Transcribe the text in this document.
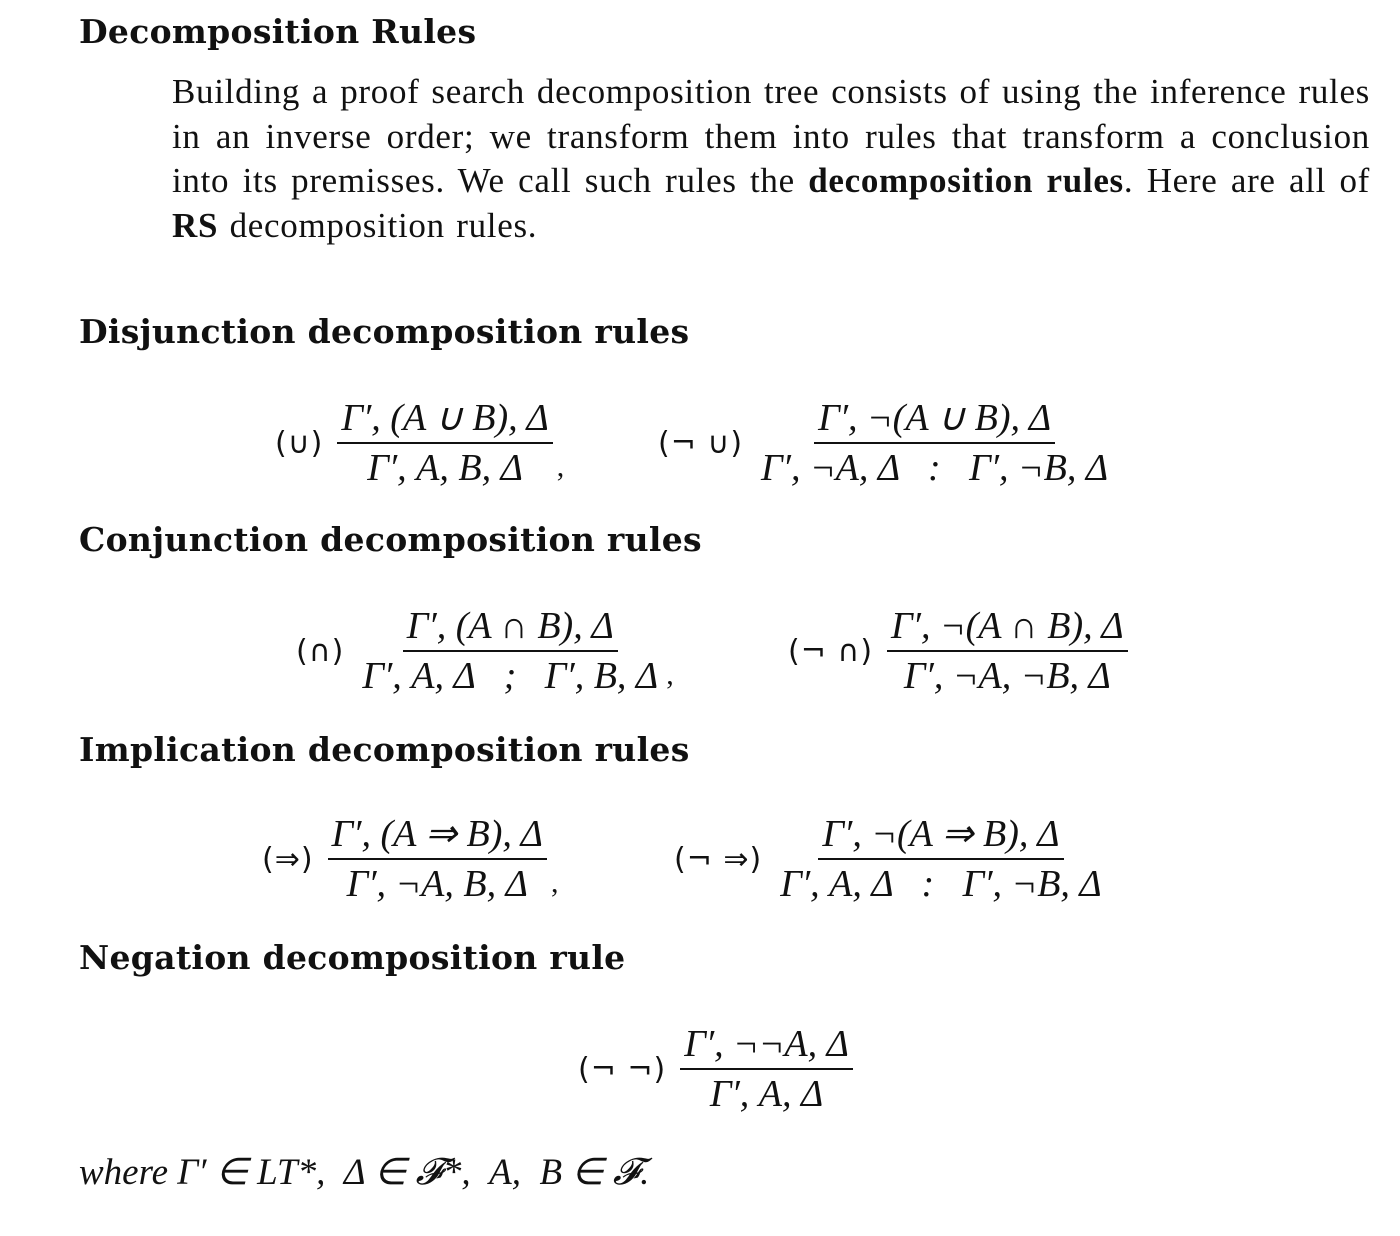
Decomposition Rules

Building a proof search decomposition tree consists of using the inference rules in an inverse order; we transform them into rules that transform a conclusion into its premisses. We call such rules the decomposition rules. Here are all of RS decomposition rules.

Disjunction decomposition rules
(∪) $\frac{\Gamma', (A \cup B), \Delta}{\Gamma', A, B, \Delta}$ ,
(¬ ∪) $\frac{\Gamma', \neg(A \cup B), \Delta}{\Gamma', \neg A, \Delta : \Gamma', \neg B, \Delta}$
Conjunction decomposition rules
(∩) $\frac{\Gamma', (A \cap B), \Delta}{\Gamma', A, \Delta ; \Gamma', B, \Delta}$ ,
(¬ ∩) $\frac{\Gamma', \neg(A \cap B), \Delta}{\Gamma', \neg A, \neg B, \Delta}$
Implication decomposition rules
(⇒) $\frac{\Gamma', (A \Rightarrow B), \Delta}{\Gamma', \neg A, B, \Delta}$ ,
(¬ ⇒) $\frac{\Gamma', \neg(A \Rightarrow B), \Delta}{\Gamma', A, \Delta : \Gamma', \neg B, \Delta}$
Negation decomposition rule
(¬ ¬) $\frac{\Gamma', \neg\neg A, \Delta}{\Gamma', A, \Delta}$

where Γ′ ∈ LT*,  Δ ∈ 𝓕*,  A,  B ∈ 𝓕.
